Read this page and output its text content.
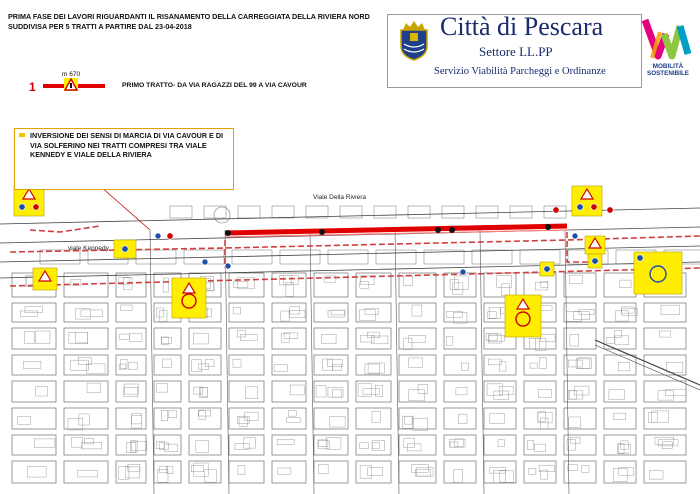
PRIMA FASE DEI LAVORI RIGUARDANTI IL RISANAMENTO DELLA CARREGGIATA DELLA RIVIERA NORD
SUDDIVISA PER 5 TRATTI A PARTIRE DAL 23-04-2018	Città di Pescara
Settore LL.PP
Servizio Viabilità Parcheggi e Ordinanze	MOBILITÀ
SOSTENIBILE
1
m 670
PRIMO TRATTO- DA VIA RAGAZZI DEL 99 A VIA CAVOUR
INVERSIONE DEI SENSI DI MARCIA DI VIA CAVOUR E DI VIA SOLFERINO NEI TRATTI COMPRESI TRA VIALE KENNEDY E VIALE DELLA RIVIERA
Viale Della Riviera
viale Kennedy
